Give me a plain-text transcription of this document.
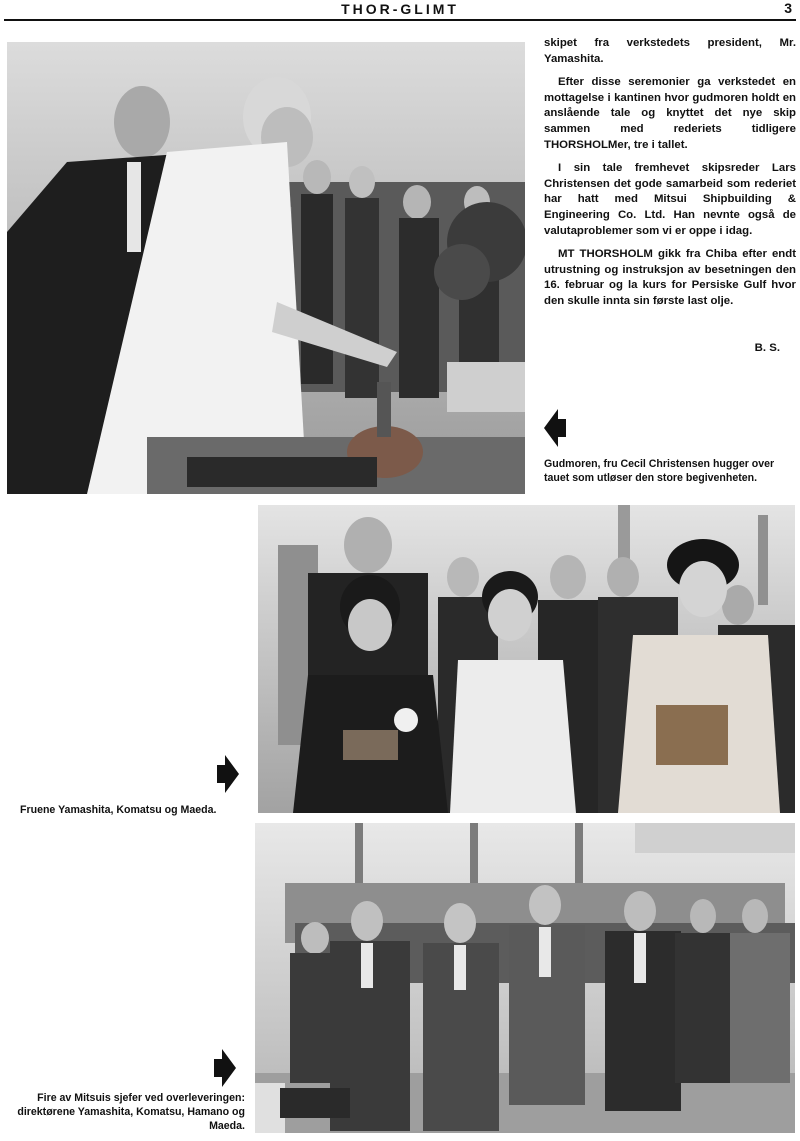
THOR-GLIMT	3

skipet fra verkstedets president, Mr. Yamashita.

Efter disse seremonier ga verkstedet en mottagelse i kantinen hvor gudmoren holdt en anslående tale og knyttet det nye skip sammen med rederiets tidligere THORSHOLMer, tre i tallet.

I sin tale fremhevet skipsreder Lars Christensen det gode samarbeid som rederiet har hatt med Mitsui Shipbuilding & Engineering Co. Ltd. Han nevnte også de valutaproblemer som vi er oppe i idag.

MT THORSHOLM gikk fra Chiba efter endt utrustning og instruksjon av besetningen den 16. februar og la kurs for Persiske Gulf hvor den skulle innta sin første last olje.

B. S.
Gudmoren, fru Cecil Christensen hugger over tauet som utløser den store begivenheten.
Fruene Yamashita, Komatsu og Maeda.
Fire av Mitsuis sjefer ved overleveringen: direktørene Yamashita, Komatsu, Hamano og Maeda.
